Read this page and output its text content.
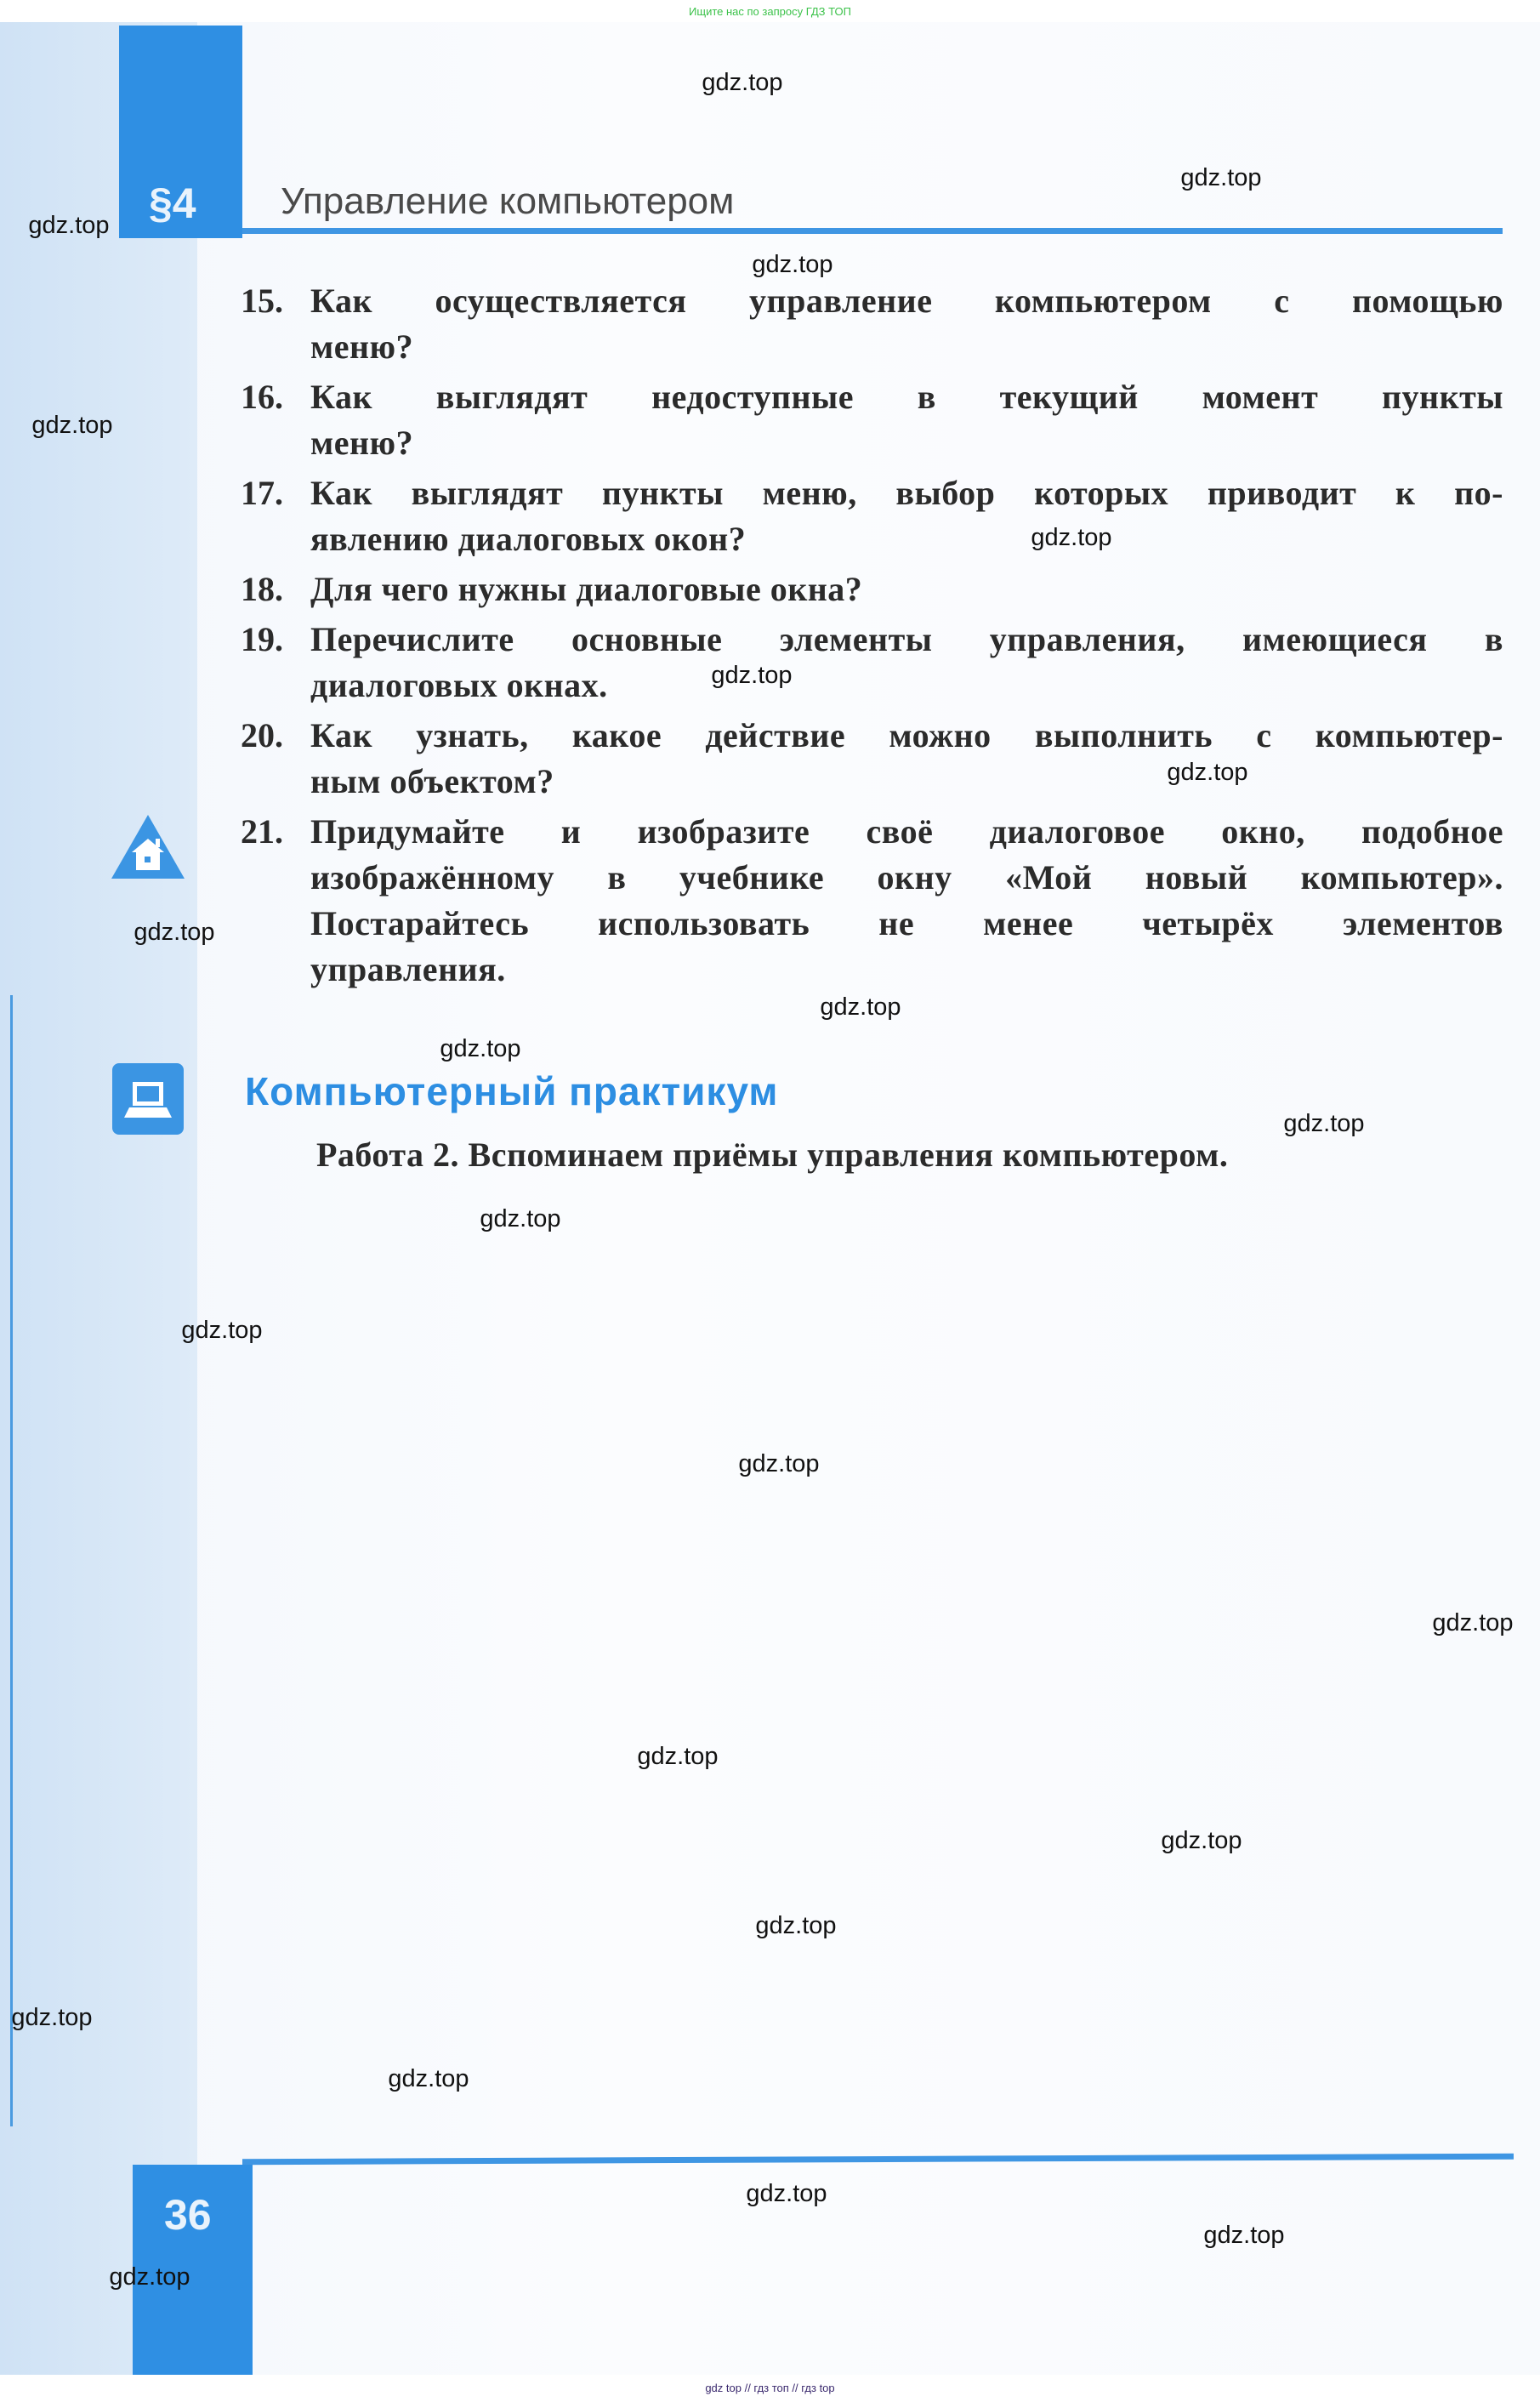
Ищите нас по запросу ГДЗ ТОП
§4 Управление компьютером
15. Как осуществляется управление компьютером с помощью
меню?
16. Как выглядят недоступные в текущий момент пункты
меню?
17. Как выглядят пункты меню, выбор которых приводит к по-
явлению диалоговых окон?
18. Для чего нужны диалоговые окна?
19. Перечислите основные элементы управления, имеющиеся в
диалоговых окнах.
20. Как узнать, какое действие можно выполнить с компьютер-
ным объектом?
21. Придумайте и изобразите своё диалоговое окно, подобное
изображённому в учебнике окну «Мой новый компьютер».
Постарайтесь использовать не менее четырёх элементов
управления.
Компьютерный практикум
Работа 2. Вспоминаем приёмы управления компьютером.
36
gdz.top
gdz.top
gdz.top
gdz.top
gdz.top
gdz.top
gdz.top
gdz.top
gdz.top
gdz.top
gdz.top
gdz.top
gdz.top
gdz.top
gdz.top
gdz.top
gdz.top
gdz.top
gdz.top
gdz.top
gdz.top
gdz.top
gdz.top
gdz.top
gdz top // гдз топ // гдз top
